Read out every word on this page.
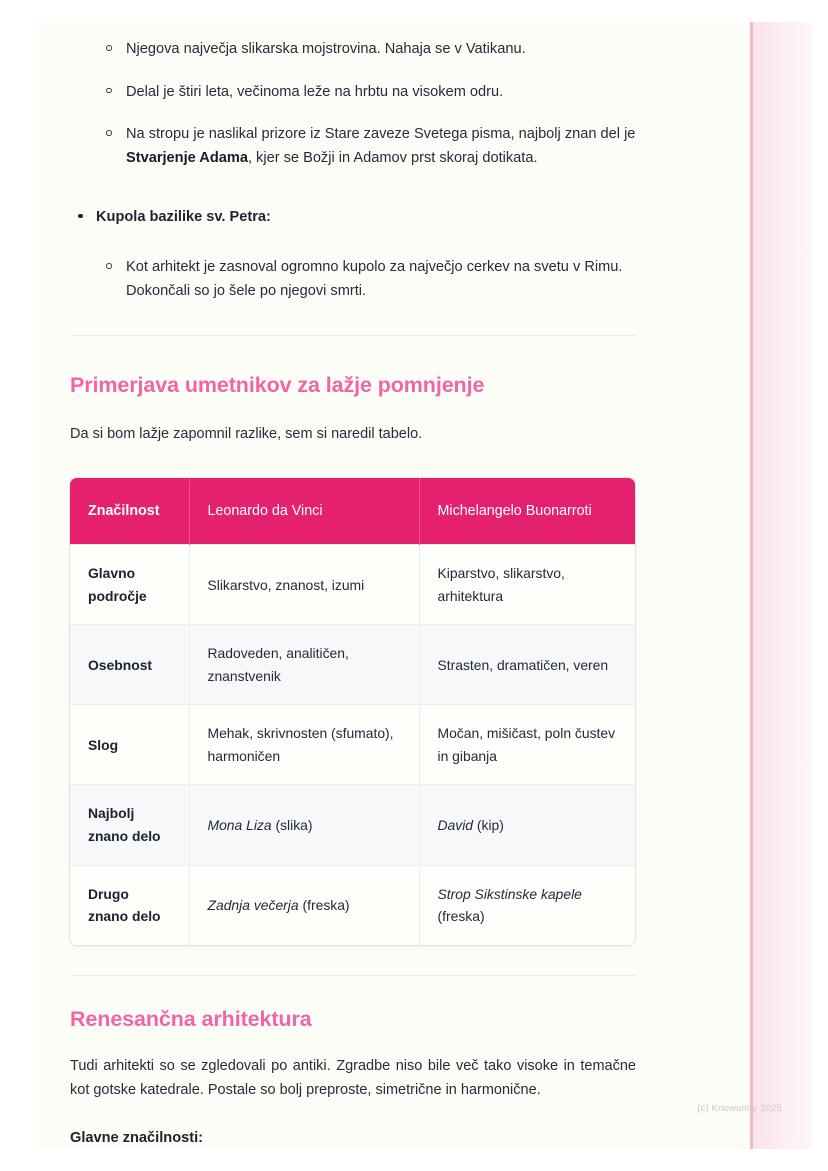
Njegova največja slikarska mojstrovina. Nahaja se v Vatikanu.
Delal je štiri leta, večinoma leže na hrbtu na visokem odru.
Na stropu je naslikal prizore iz Stare zaveze Svetega pisma, najbolj znan del je Stvarjenje Adama, kjer se Božji in Adamov prst skoraj dotikata.
Kupola bazilike sv. Petra:
Kot arhitekt je zasnoval ogromno kupolo za največjo cerkev na svetu v Rimu. Dokončali so jo šele po njegovi smrti.
Primerjava umetnikov za lažje pomnjenje

Da si bom lažje zapomnil razlike, sem si naredil tabelo.

Značilnost	Leonardo da Vinci	Michelangelo Buonarroti
Glavno področje	Slikarstvo, znanost, izumi	Kiparstvo, slikarstvo, arhitektura
Osebnost	Radoveden, analitičen, znanstvenik	Strasten, dramatičen, veren
Slog	Mehak, skrivnosten (sfumato), harmoničen	Močan, mišičast, poln čustev in gibanja
Najbolj znano delo	Mona Liza (slika)	David (kip)
Drugo znano delo	Zadnja večerja (freska)	Strop Sikstinske kapele (freska)
Renesančna arhitektura

Tudi arhitekti so se zgledovali po antiki. Zgradbe niso bile več tako visoke in temačne kot gotske katedrale. Postale so bolj preproste, simetrične in harmonične.

Glavne značilnosti:

(c) Knowunity 2025
